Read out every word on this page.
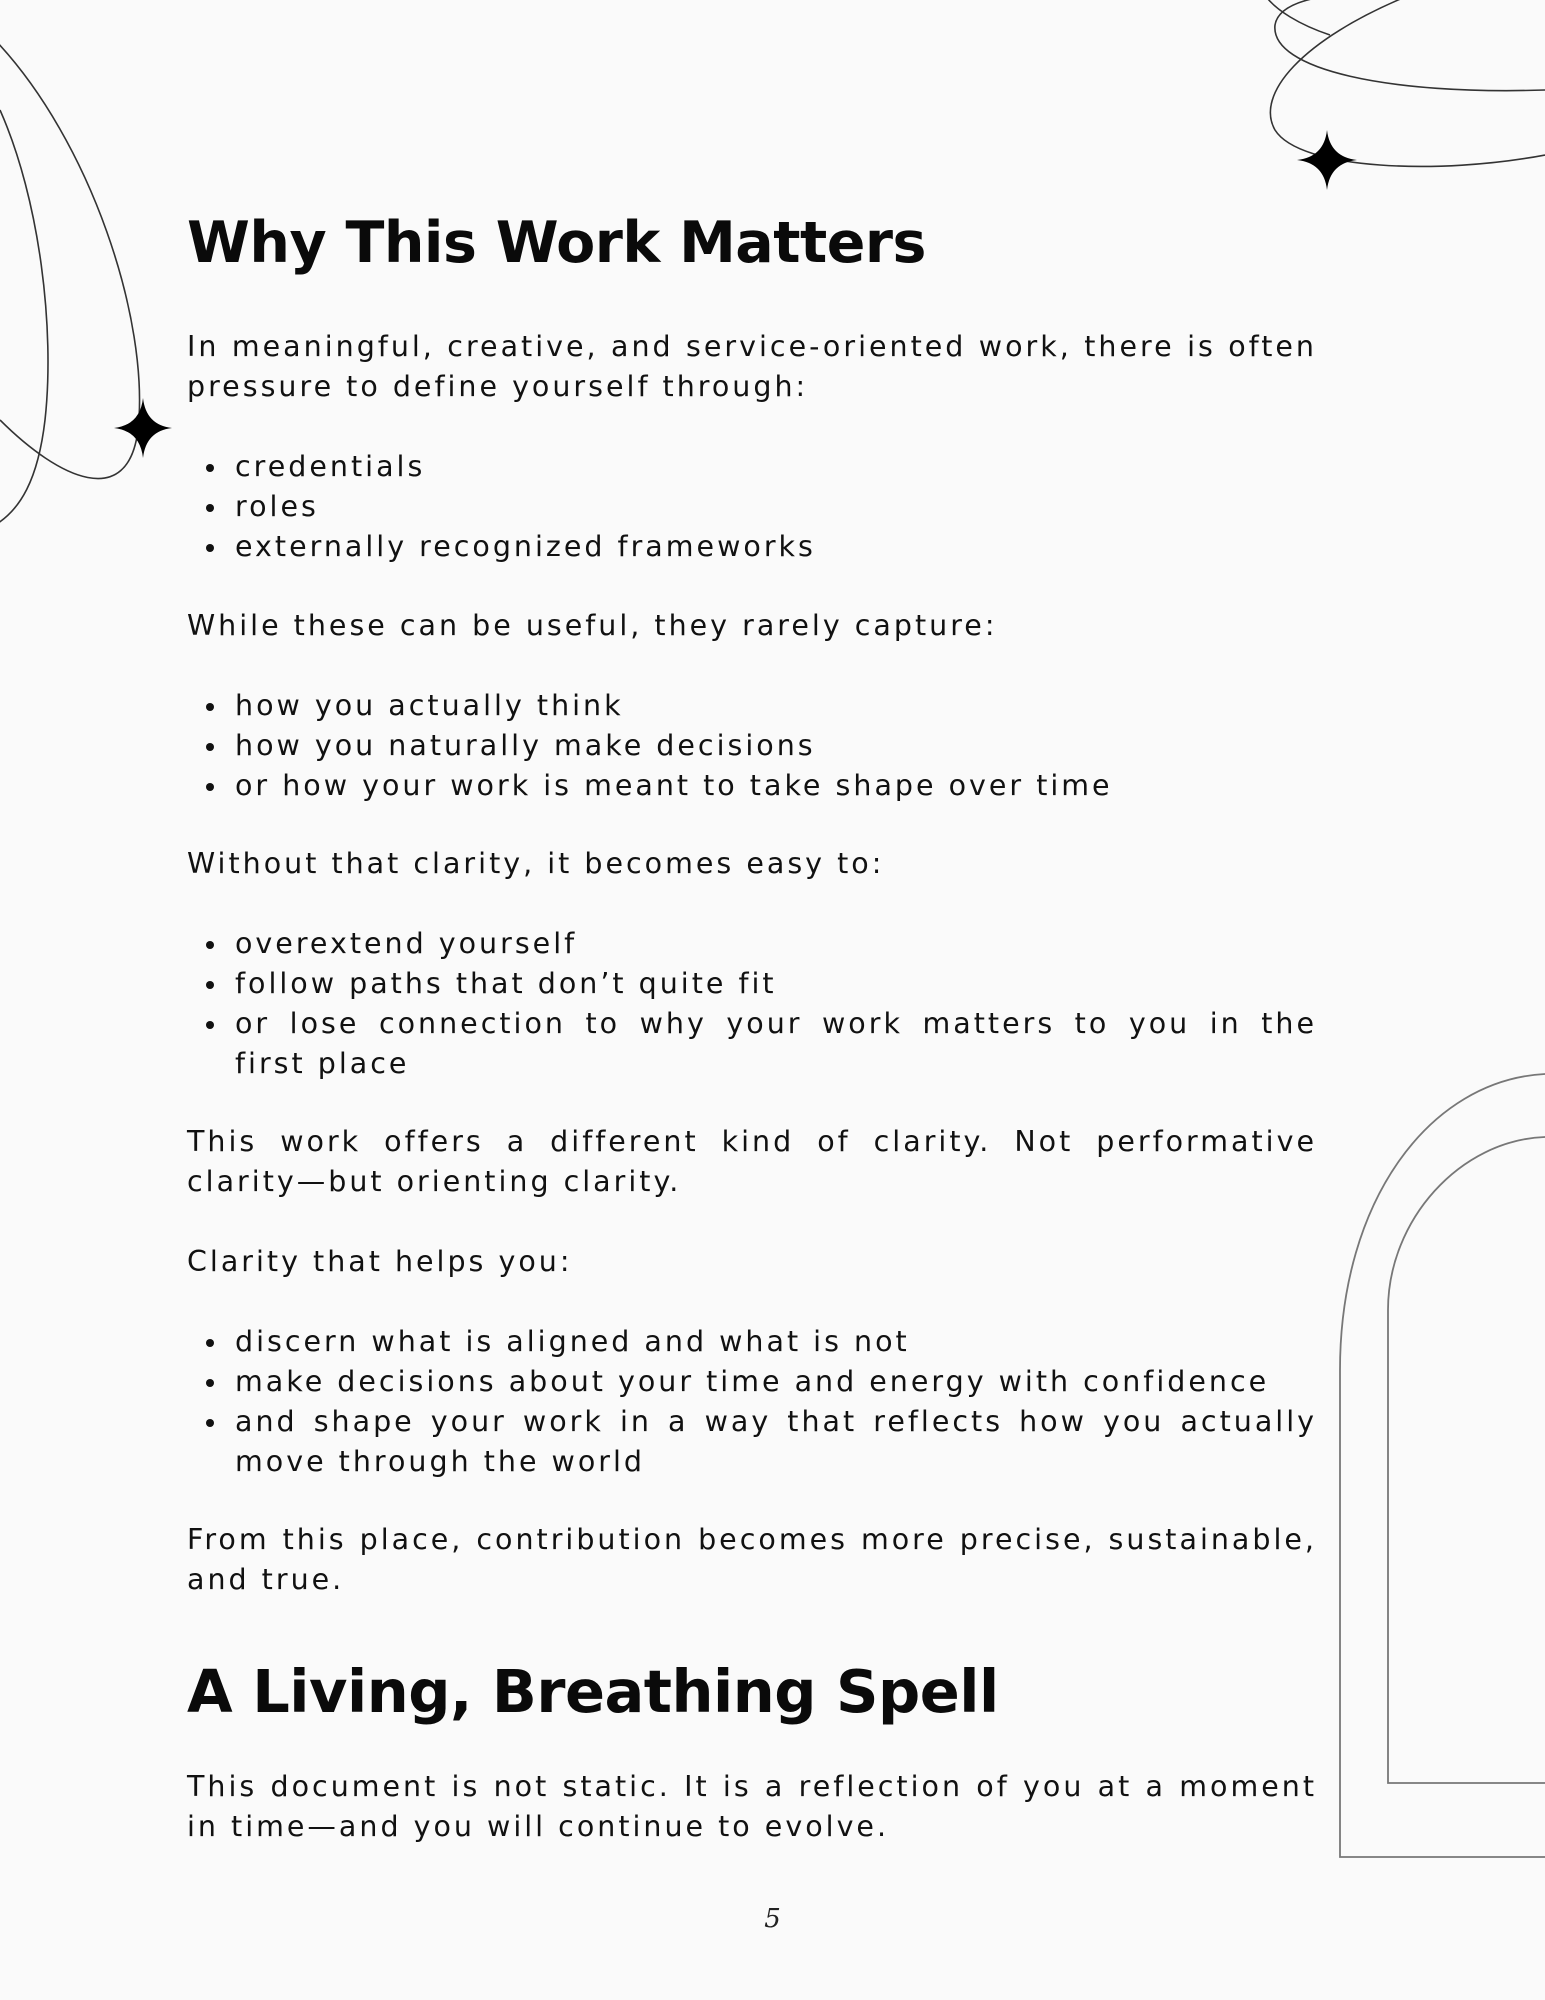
Why This Work Matters

In meaningful, creative, and service-oriented work, there is often pressure to define yourself through:

credentials
roles
externally recognized frameworks

While these can be useful, they rarely capture:

how you actually think
how you naturally make decisions
or how your work is meant to take shape over time

Without that clarity, it becomes easy to:

overextend yourself
follow paths that don’t quite fit
or lose connection to why your work matters to you in the first place

This work offers a different kind of clarity. Not performative clarity—but orienting clarity.

Clarity that helps you:

discern what is aligned and what is not
make decisions about your time and energy with confidence
and shape your work in a way that reflects how you actually move through the world

From this place, contribution becomes more precise, sustainable, and true.

A Living, Breathing Spell

This document is not static. It is a reflection of you at a moment in time—and you will continue to evolve.

5
